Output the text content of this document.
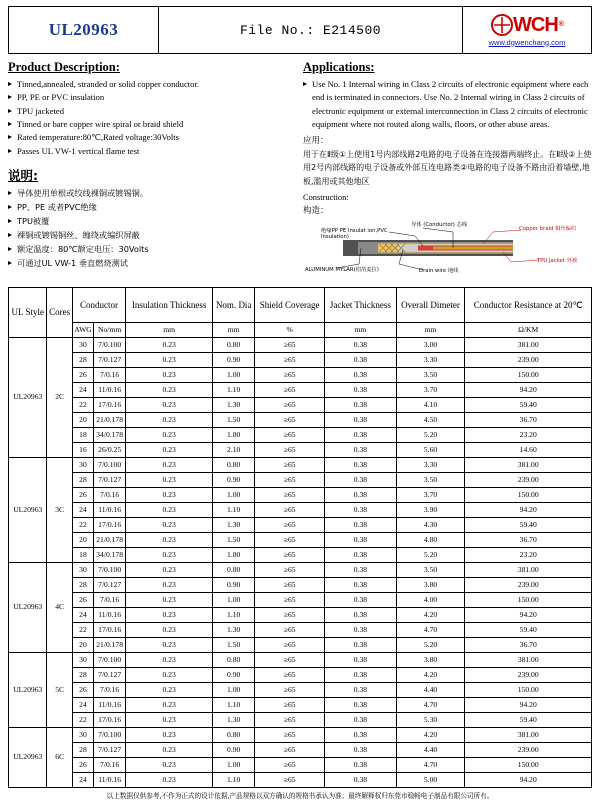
UL20963	File No.: E214500	WCH ®
www.dgwenchang.com
Product Description:
Tinned,annealed, stranded or solid copper conductor.
PP, PE or PVC insulation
TPU jacketed
Tinned or bare copper wire spiral or braid shield
Rated temperature:80℃,Rated voltage:30Volts
Passes UL VW-1 vertical flame test
说明:
导体使用单根或绞线裸铜或镀锡铜。
PP、PE 或者PVC绝缘
TPU被覆
裸铜或镀锡铜丝、缠绕或编织屏蔽
额定温度：80℃额定电压：30Volts
可通过UL VW-1 垂直燃烧测试
Applications:
Use No. 1 Internal wiring in Class 2 circuits of electronic equipment where each end is terminated in connectors. Use No. 2 Internal wiring in Class 2 circuits of electronic equipment or external interconnection in Class 2 circuits of electronic equipment where not routed along walls, floors, or other abuse areas.
应用：

用于在Ⅱ级①上使用1号内部线路2电路的电子设备在连接器两端终止。在Ⅱ级②上使用2号内部线路的电子设备或外部互连电路类②电路的电子设备不路由沿着墙壁,地板,滥用或其他地区

Construction:

构造：

导体 (Conductor) 芯线
绝缘PP PE Insulat ion,PVC Insulation)
Copper braid 铜丝编织
TPU Jacket 外被
ALUMINUM MYLAR(铝箔麦拉)	Drain wire 地线
UL Style	Cores	Conductor		Insulation Thickness	Nom. Dia	Shield Coverage	Jacket Thickness	Overall Dimeter	Conductor Resistance at 20℃
		AWG	No/mm	mm	mm	%	mm	mm	Ω/KM
UL20963	2C	30	7/0.100	0.23	0.80	≥65	0.38	3.00	381.00
		28	7/0.127	0.23	0.90	≥65	0.38	3.30	239.00
		26	7/0.16	0.23	1.00	≥65	0.38	3.50	150.00
		24	11/0.16	0.23	1.10	≥65	0.38	3.70	94.20
		22	17/0.16	0.23	1.30	≥65	0.38	4.10	59.40
		20	21/0.178	0.23	1.50	≥65	0.38	4.50	36.70
		18	34/0.178	0.23	1.80	≥65	0.38	5.20	23.20
		16	26/0.25	0.23	2.10	≥65	0.38	5.60	14.60
UL20963	3C	30	7/0.100	0.23	0.80	≥65	0.38	3.30	381.00
		28	7/0.127	0.23	0.90	≥65	0.38	3.50	239.00
		26	7/0.16	0.23	1.00	≥65	0.38	3.70	150.00
		24	11/0.16	0.23	1.10	≥65	0.38	3.90	94.20
		22	17/0.16	0.23	1.30	≥65	0.38	4.30	59.40
		20	21/0.178	0.23	1.50	≥65	0.38	4.80	36.70
		18	34/0.178	0.23	1.80	≥65	0.38	5.20	23.20
UL20963	4C	30	7/0.100	0.23	0.80	≥65	0.38	3.50	381.00
		28	7/0.127	0.23	0.90	≥65	0.38	3.80	239.00
		26	7/0.16	0.23	1.00	≥65	0.38	4.00	150.00
		24	11/0.16	0.23	1.10	≥65	0.38	4.20	94.20
		22	17/0.16	0.23	1.30	≥65	0.38	4.70	59.40
		20	21/0.178	0.23	1.50	≥65	0.38	5.20	36.70
UL20963	5C	30	7/0.100	0.23	0.80	≥65	0.38	3.80	381.00
		28	7/0.127	0.23	0.90	≥65	0.38	4.20	239.00
		26	7/0.16	0.23	1.00	≥65	0.38	4.40	150.00
		24	11/0.16	0.23	1.10	≥65	0.38	4.70	94.20
		22	17/0.16	0.23	1.30	≥65	0.38	5.30	59.40
UL20963	6C	30	7/0.100	0.23	0.80	≥65	0.38	4.20	381.00
		28	7/0.127	0.23	0.90	≥65	0.38	4.40	239.00
		26	7/0.16	0.23	1.00	≥65	0.38	4.70	150.00
		24	11/0.16	0.23	1.10	≥65	0.38	5.00	94.20
以上数据仅供参考,不作为正式的设计依据,产品规格以双方确认的规格书承认为准；最终解释权归东莞市稳畅电子制品有限公司所有。
